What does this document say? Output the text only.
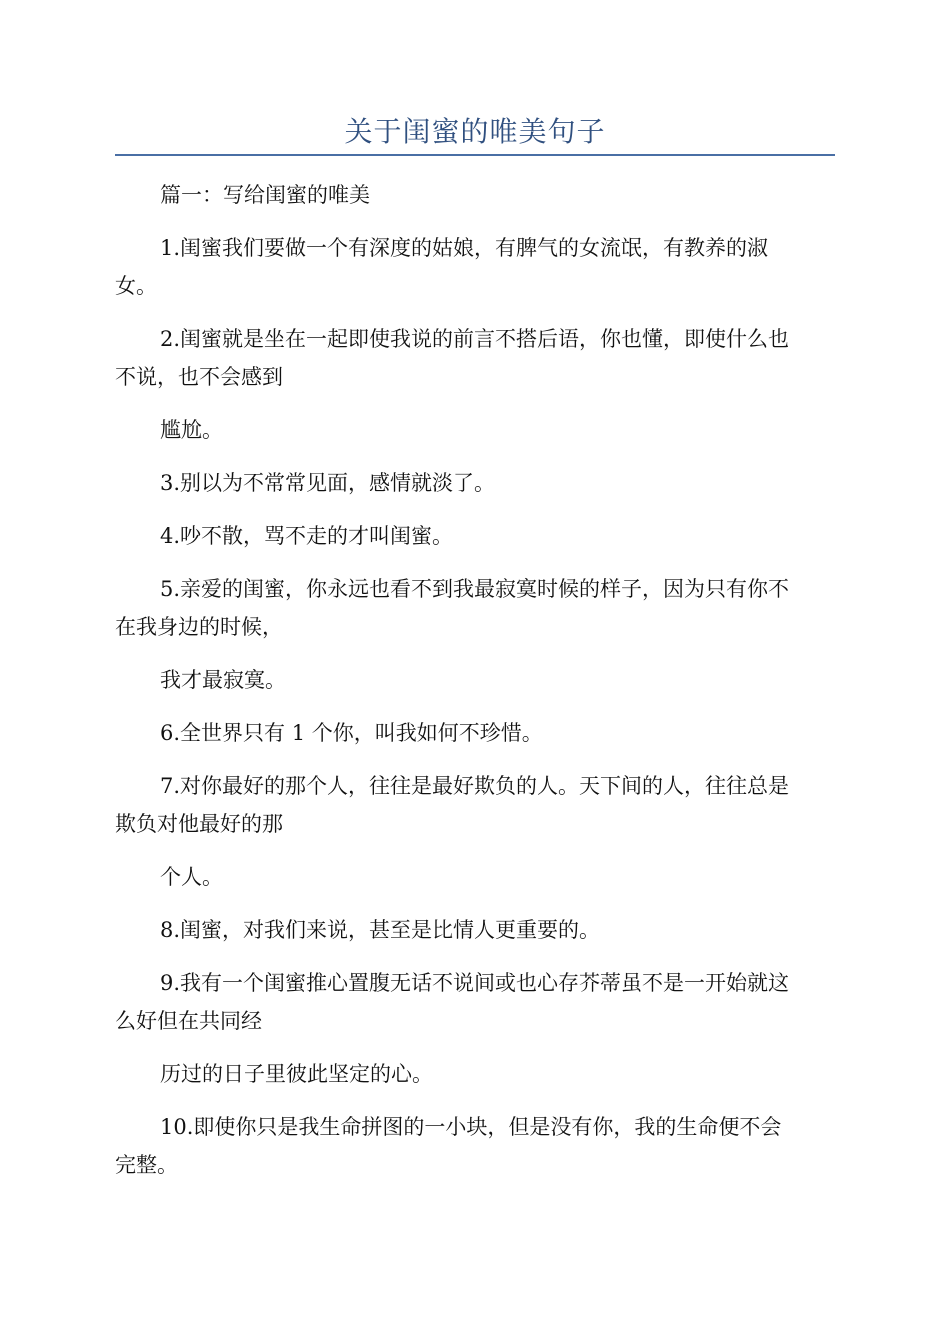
关于闺蜜的唯美句子

篇一：写给闺蜜的唯美

1.闺蜜我们要做一个有深度的姑娘，有脾气的女流氓，有教养的淑
女。

2.闺蜜就是坐在一起即使我说的前言不搭后语，你也懂，即使什么也
不说，也不会感到

尴尬。

3.别以为不常常见面，感情就淡了。

4.吵不散，骂不走的才叫闺蜜。

5.亲爱的闺蜜，你永远也看不到我最寂寞时候的样子，因为只有你不
在我身边的时候，

我才最寂寞。

6.全世界只有 1 个你，叫我如何不珍惜。

7.对你最好的那个人，往往是最好欺负的人。天下间的人，往往总是
欺负对他最好的那

个人。

8.闺蜜，对我们来说，甚至是比情人更重要的。

9.我有一个闺蜜推心置腹无话不说间或也心存芥蒂虽不是一开始就这
么好但在共同经

历过的日子里彼此坚定的心。

10.即使你只是我生命拼图的一小块，但是没有你，我的生命便不会
完整。
